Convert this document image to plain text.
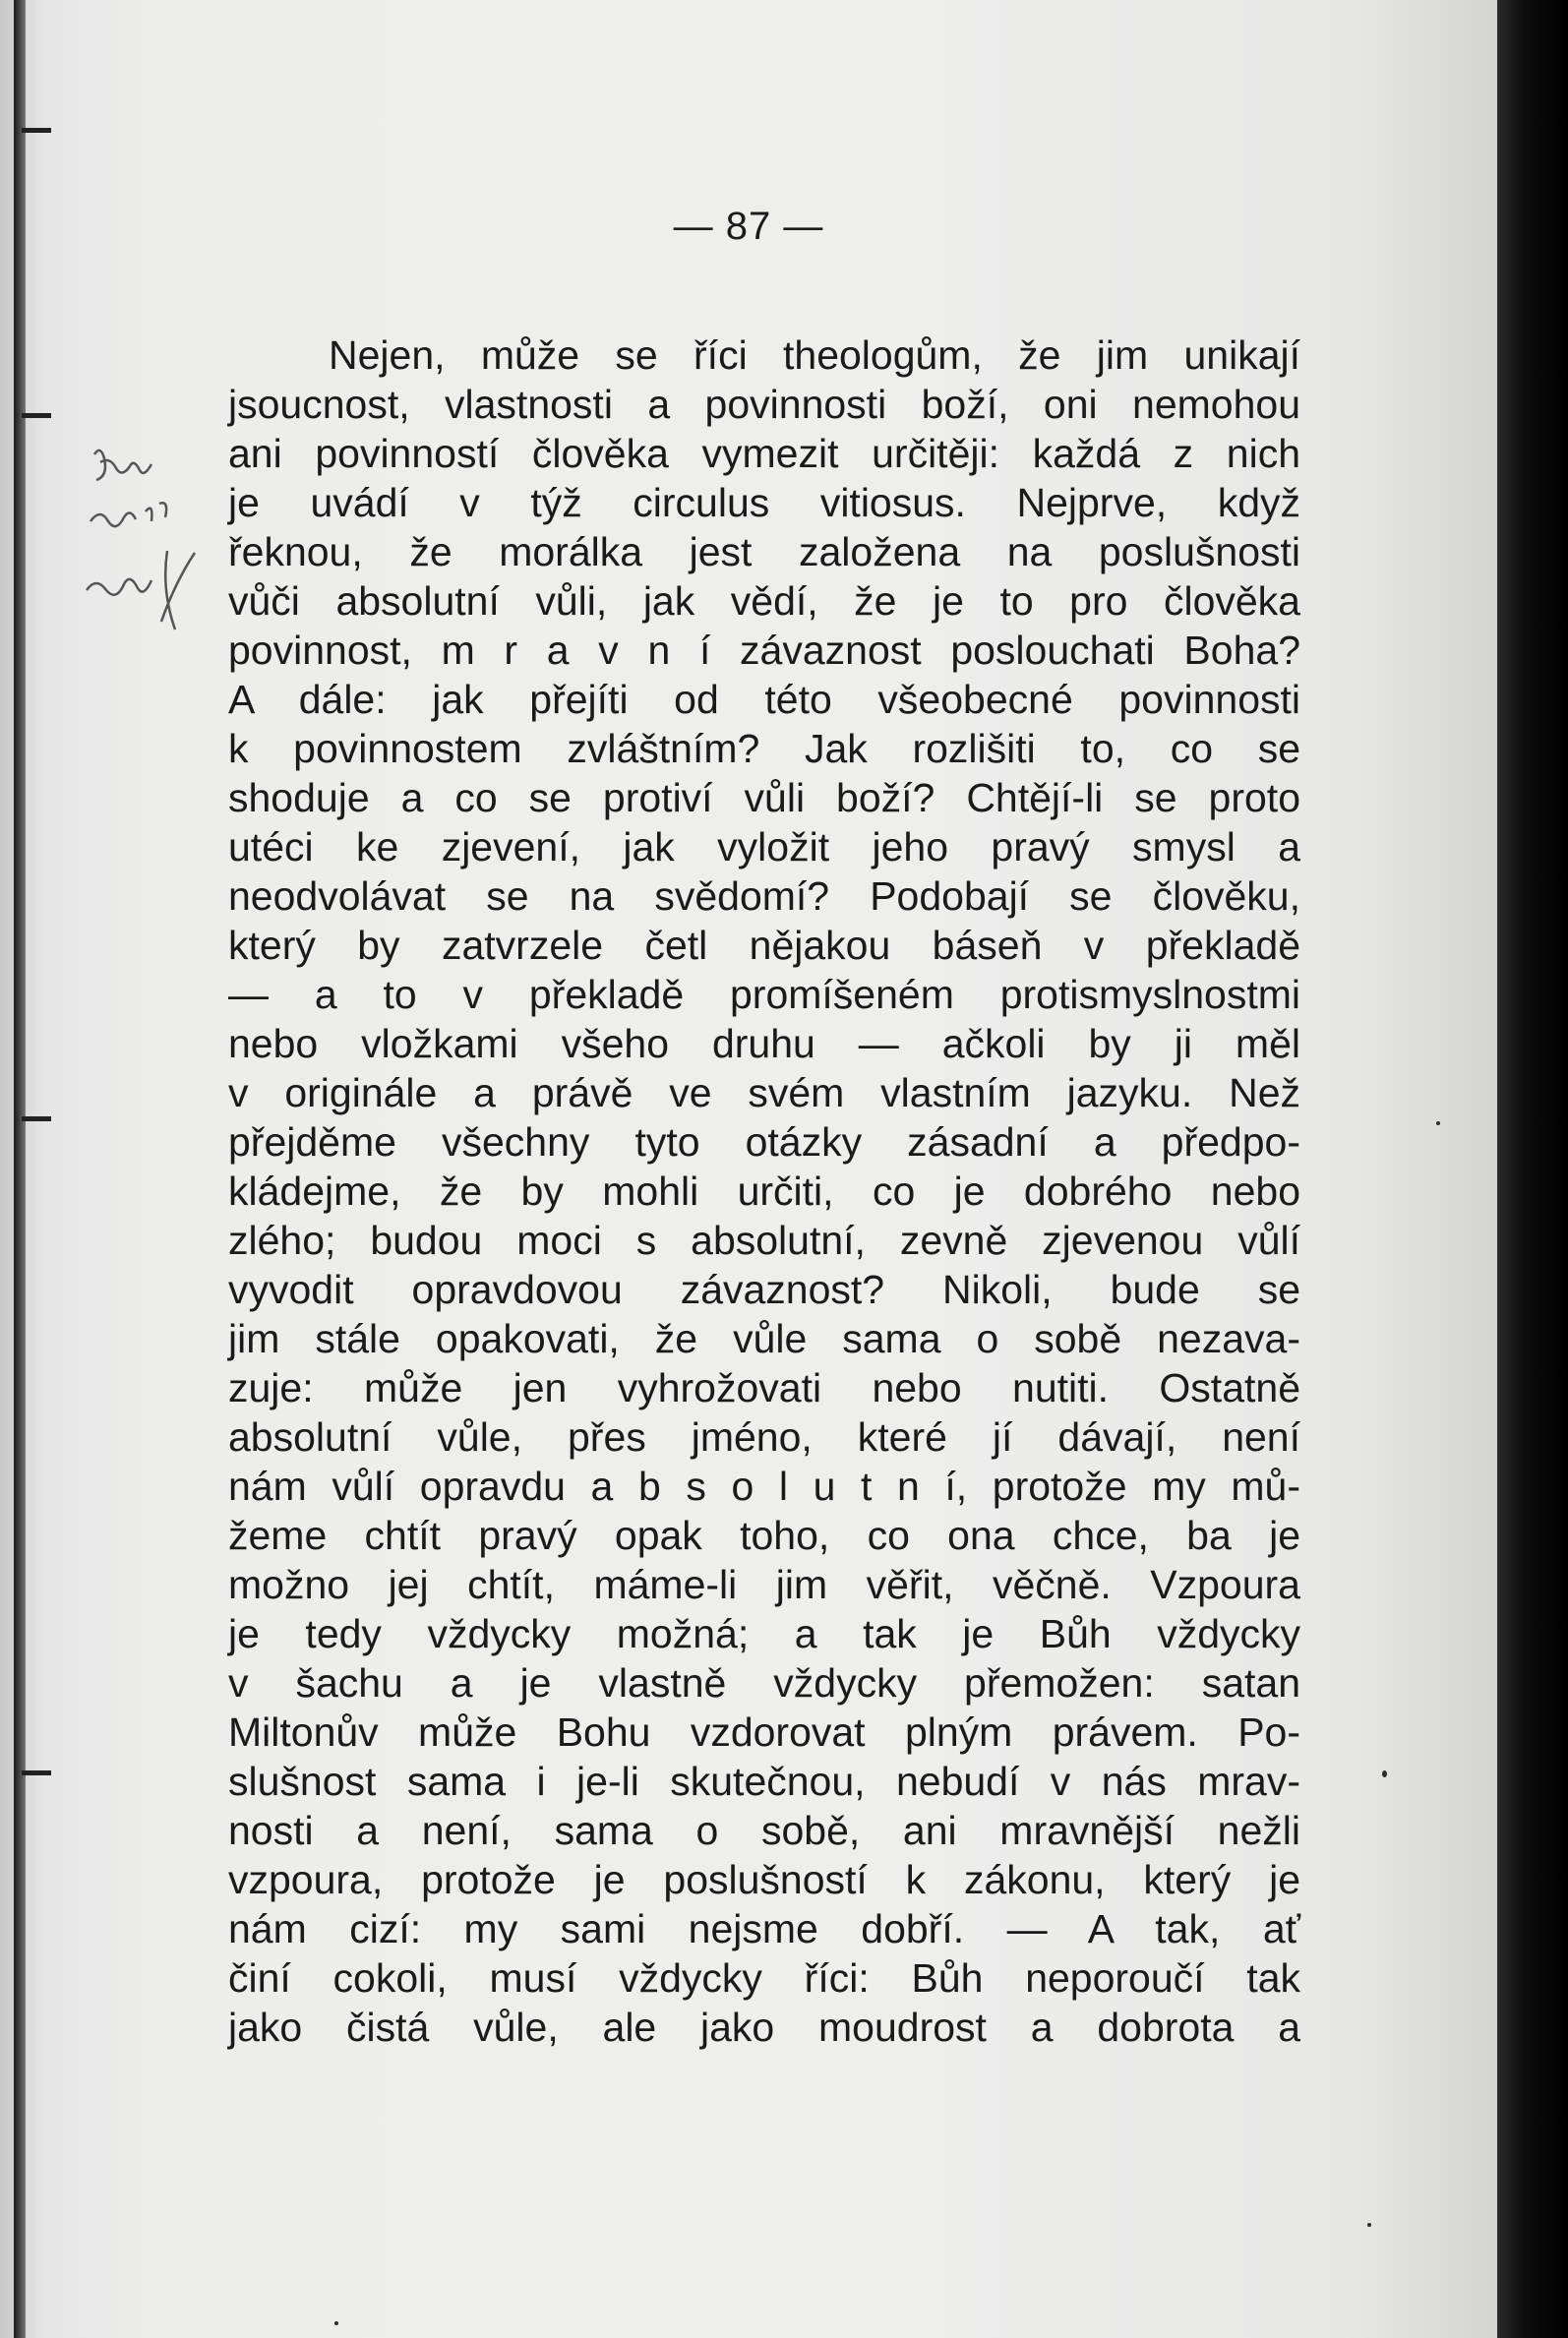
— 87 —
Nejen, může se říci theologům, že jim unikají
jsoucnost, vlastnosti a povinnosti boží, oni nemohou
ani povinností člověka vymezit určitěji: každá z nich
je uvádí v týž circulus vitiosus. Nejprve, když
řeknou, že morálka jest založena na poslušnosti
vůči absolutní vůli, jak vědí, že je to pro člověka
povinnost, m r a v n í závaznost poslouchati Boha?
A dále: jak přejíti od této všeobecné povinnosti
k povinnostem zvláštním? Jak rozlišiti to, co se
shoduje a co se protiví vůli boží? Chtějí-li se proto
utéci ke zjevení, jak vyložit jeho pravý smysl a
neodvolávat se na svědomí? Podobají se člověku,
který by zatvrzele četl nějakou báseň v překladě
— a to v překladě promíšeném protismyslnostmi
nebo vložkami všeho druhu — ačkoli by ji měl
v originále a právě ve svém vlastním jazyku. Než
přejděme všechny tyto otázky zásadní a předpo-
kládejme, že by mohli určiti, co je dobrého nebo
zlého; budou moci s absolutní, zevně zjevenou vůlí
vyvodit opravdovou závaznost? Nikoli, bude se
jim stále opakovati, že vůle sama o sobě nezava-
zuje: může jen vyhrožovati nebo nutiti. Ostatně
absolutní vůle, přes jméno, které jí dávají, není
nám vůlí opravdu a b s o l u t n í, protože my mů-
žeme chtít pravý opak toho, co ona chce, ba je
možno jej chtít, máme-li jim věřit, věčně. Vzpoura
je tedy vždycky možná; a tak je Bůh vždycky
v šachu a je vlastně vždycky přemožen: satan
Miltonův může Bohu vzdorovat plným právem. Po-
slušnost sama i je-li skutečnou, nebudí v nás mrav-
nosti a není, sama o sobě, ani mravnější nežli
vzpoura, protože je poslušností k zákonu, který je
nám cizí: my sami nejsme dobří. — A tak, ať
činí cokoli, musí vždycky říci: Bůh neporoučí tak
jako čistá vůle, ale jako moudrost a dobrota a
